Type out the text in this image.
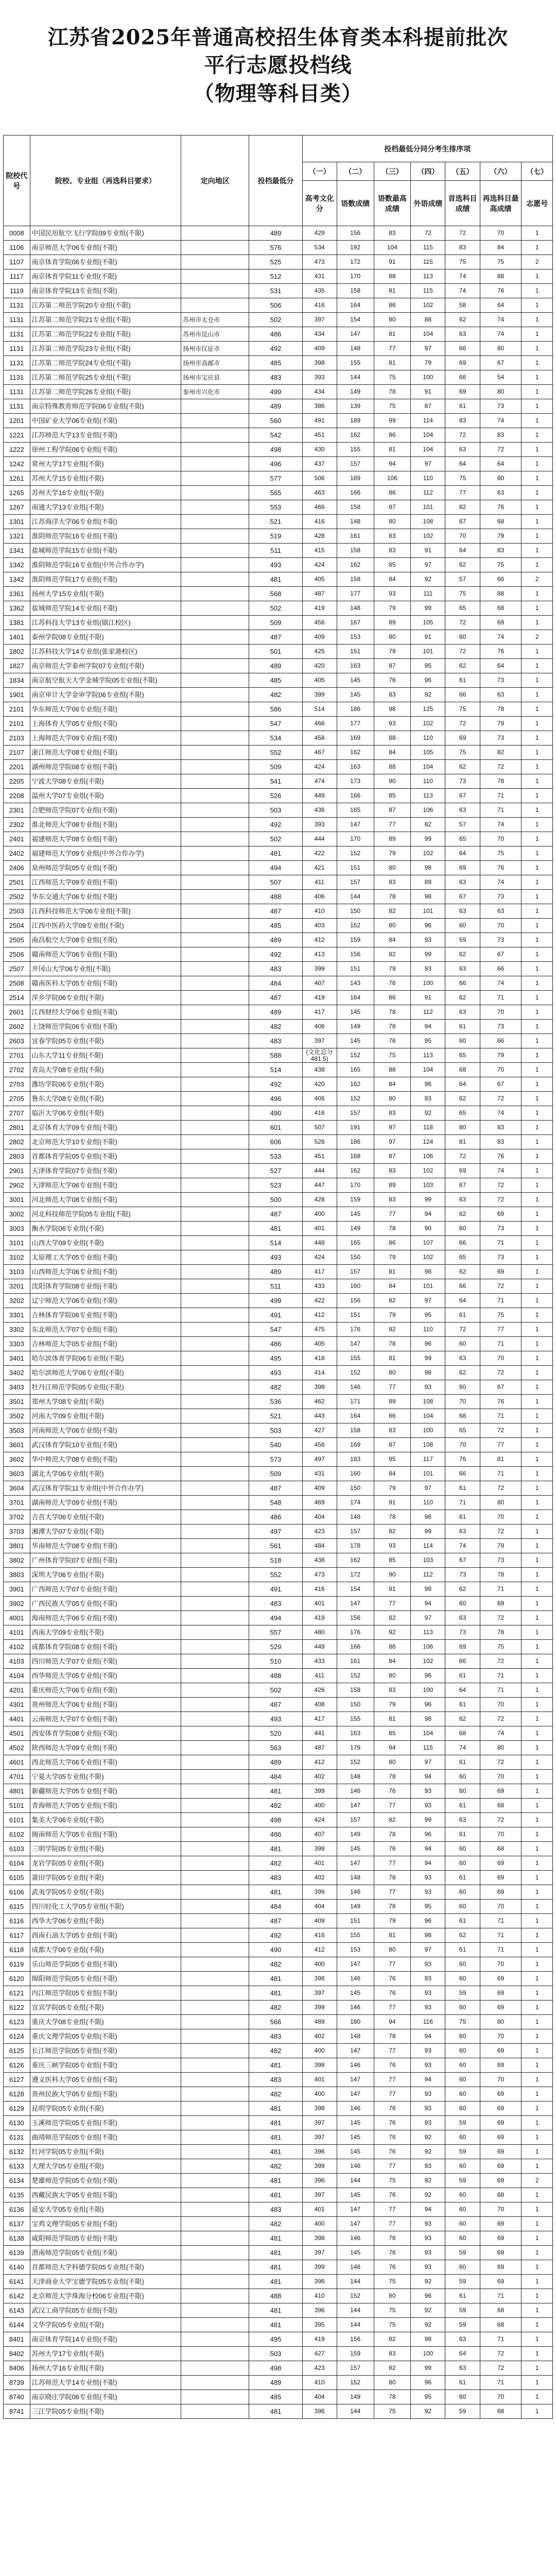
江苏省2025年普通高校招生体育类本科提前批次
平行志愿投档线
（物理等科目类）
院校代号	院校、专业组（再选科目要求）	定向地区	投档最低分	投档最低分同分考生排序项						
				（一）	（二）	（三）	（四）	（五）	（六）	（七）
				高考文化分	语数成绩	语数最高成绩	外语成绩	首选科目成绩	再选科目最高成绩	志愿号
0008	中国民用航空飞行学院09专业组(不限)		489	429	156	83	72	72	70	1
1106	南京师范大学06专业组(不限)		576	534	192	104	115	83	84	1
1107	南京体育学院06专业组(不限)		525	473	172	91	115	75	75	2
1117	南京体育学院11专业组(不限)		512	431	170	88	113	74	88	1
1119	南京体育学院13专业组(不限)		531	435	158	81	115	74	76	1
1131	江苏第二师范学院20专业组(不限)		506	416	164	86	102	58	64	1
1131	江苏第二师范学院21专业组(不限)	苏州市太仓市	502	397	154	80	88	62	74	1
1131	江苏第二师范学院22专业组(不限)	苏州市昆山市	486	434	147	81	104	63	74	1
1131	江苏第二师范学院23专业组(不限)	扬州市仪征市	492	409	148	77	97	66	80	1
1131	江苏第二师范学院24专业组(不限)	扬州市高邮市	485	398	155	81	79	69	67	1
1131	江苏第二师范学院25专业组(不限)	扬州市宝应县	483	393	144	75	100	66	54	1
1131	江苏第二师范学院26专业组(不限)	泰州市兴化市	499	434	149	78	91	69	80	1
1131	南京特殊教育师范学院06专业组(不限)		489	386	139	75	87	61	73	1
1201	中国矿业大学06专业组(不限)		560	491	189	99	114	83	74	1
1221	江苏师范大学13专业组(不限)		542	451	162	86	104	72	83	1
1222	徐州工程学院06专业组(不限)		498	430	155	81	104	63	72	1
1242	常州大学17专业组(不限)		496	437	157	94	97	64	64	1
1261	苏州大学15专业组(不限)		577	506	189	106	110	75	80	1
1265	苏州大学16专业组(不限)		565	463	166	86	112	77	63	1
1267	南通大学13专业组(不限)		553	466	158	87	101	82	76	1
1301	江苏海洋大学06专业组(不限)		521	416	148	80	108	67	68	1
1321	淮阴师范学院16专业组(不限)		519	428	161	83	102	70	79	1
1341	盐城师范学院15专业组(不限)		511	415	158	83	91	64	83	1
1342	淮阴师范学院16专业组(中外合作办学)		493	424	162	85	97	62	75	1
1342	淮阴师范学院17专业组(不限)		481	405	158	84	92	57	66	2
1361	扬州大学15专业组(不限)		568	487	177	93	111	75	88	1
1362	盐城师范学院14专业组(不限)		502	419	148	79	99	65	68	1
1381	江苏科技大学13专业组(镇江校区)		509	456	167	89	105	72	69	1
1401	泰州学院08专业组(不限)		487	409	153	80	91	60	74	2
1802	江苏科技大学14专业组(张家港校区)		501	425	151	79	101	72	76	1
1827	南京师范大学泰州学院07专业组(不限)		489	420	163	87	95	62	64	1
1834	南京航空航天大学金城学院05专业组(不限)		485	405	145	76	96	61	73	1
1901	南京审计大学金审学院06专业组(不限)		482	399	145	83	92	66	63	1
2101	华东师范大学06专业组(不限)		586	514	186	98	125	75	78	1
2101	上海体育大学05专业组(不限)		547	466	177	93	102	72	79	1
2103	上海师范大学09专业组(不限)		534	458	169	88	110	69	73	1
2107	浙江师范大学08专业组(不限)		552	467	162	84	105	75	82	1
2201	湖州师范学院08专业组(不限)		509	424	163	88	104	62	72	1
2205	宁波大学08专业组(不限)		541	474	173	90	110	73	78	1
2208	温州大学07专业组(不限)		526	449	166	85	113	67	71	1
2301	合肥师范学院07专业组(不限)		503	436	165	87	106	63	71	1
2302	淮北师范大学08专业组(不限)		492	393	147	77	82	57	74	1
2401	福建师范大学08专业组(不限)		502	444	170	89	99	65	70	1
2402	福建师范大学09专业组(中外合作办学)		481	422	152	79	102	64	75	1
2406	泉州师范学院05专业组(不限)		494	421	151	80	98	69	76	1
2501	江西师范大学09专业组(不限)		507	411	157	83	89	63	74	1
2502	华东交通大学06专业组(不限)		488	406	144	78	98	67	73	1
2503	江西科技师范大学06专业组(不限)		487	410	150	82	101	63	63	1
2504	江西中医药大学09专业组(不限)		485	403	152	80	96	60	70	1
2505	南昌航空大学08专业组(不限)		489	412	159	84	93	59	73	1
2506	赣南师范大学06专业组(不限)		492	413	156	82	99	62	67	1
2507	井冈山大学06专业组(不限)		483	399	151	79	93	63	66	1
2508	赣南医科大学05专业组(不限)		484	407	143	76	100	66	74	1
2514	萍乡学院06专业组(不限)		487	419	164	86	91	62	71	1
2601	江西财经大学06专业组(不限)		489	417	145	78	112	63	70	1
2602	上饶师范学院06专业组(不限)		482	406	149	78	94	61	73	1
2603	宜春学院05专业组(不限)		483	397	145	76	95	60	66	1
2701	山东大学11专业组(不限)		588	(文化总分481.5)	152	75	113	65	79	1
2702	青岛大学08专业组(不限)		514	438	165	88	104	68	70	1
2703	潍坊学院06专业组(不限)		492	420	162	84	96	64	67	1
2705	鲁东大学08专业组(不限)		496	406	152	80	93	62	72	1
2707	临沂大学06专业组(不限)		490	416	157	83	92	65	74	1
2801	北京体育大学09专业组(不限)		601	507	191	97	118	80	83	1
2802	北京师范大学10专业组(不限)		606	526	186	97	124	81	83	1
2803	首都体育学院05专业组(不限)		533	451	168	87	106	72	76	1
2901	天津体育学院07专业组(不限)		527	444	162	83	102	69	74	1
2902	天津师范大学06专业组(不限)		523	447	170	89	103	67	72	1
3001	河北师范大学08专业组(不限)		500	428	159	83	99	63	72	1
3002	河北科技师范学院05专业组(不限)		487	400	145	77	94	62	69	1
3003	衡水学院06专业组(不限)		481	401	149	78	90	60	73	1
3101	山西大学09专业组(不限)		514	448	165	86	107	66	71	1
3102	太原理工大学05专业组(不限)		493	424	150	79	102	65	73	1
3103	山西师范大学06专业组(不限)		489	417	157	81	98	62	69	1
3201	沈阳体育学院08专业组(不限)		511	433	160	84	101	66	72	1
3202	辽宁师范大学06专业组(不限)		499	422	156	82	97	64	71	1
3301	吉林体育学院06专业组(不限)		491	412	151	79	95	61	75	1
3302	东北师范大学07专业组(不限)		547	475	176	92	110	72	77	1
3303	吉林师范大学05专业组(不限)		486	405	147	78	96	60	71	1
3401	哈尔滨体育学院06专业组(不限)		495	418	155	81	99	63	70	1
3402	哈尔滨师范大学06专业组(不限)		493	414	152	80	98	62	72	1
3403	牡丹江师范学院05专业组(不限)		482	398	146	77	93	60	67	1
3501	郑州大学08专业组(不限)		536	462	171	89	108	70	76	1
3502	河南大学09专业组(不限)		521	443	164	86	104	68	71	1
3503	河南师范大学06专业组(不限)		503	427	158	83	100	65	72	1
3601	武汉体育学院10专业组(不限)		540	456	169	87	108	70	77	1
3602	华中师范大学08专业组(不限)		573	497	183	95	117	76	81	1
3603	湖北大学06专业组(不限)		509	431	160	84	101	66	71	1
3604	武汉体育学院11专业组(中外合作办学)		487	409	150	79	97	61	72	1
3701	湖南师范大学09专业组(不限)		548	469	174	91	110	71	80	1
3702	吉首大学06专业组(不限)		486	404	148	78	96	61	70	1
3703	湘潭大学07专业组(不限)		497	423	157	82	99	63	72	1
3801	华南师范大学08专业组(不限)		561	484	178	93	114	74	79	1
3802	广州体育学院07专业组(不限)		518	438	162	85	103	67	73	1
3803	深圳大学06专业组(不限)		552	473	172	90	112	73	78	1
3901	广西师范大学07专业组(不限)		491	416	154	81	98	62	71	1
3902	广西民族大学05专业组(不限)		483	401	147	77	94	60	69	1
4001	海南师范大学06专业组(不限)		494	419	156	82	97	63	72	1
4101	西南大学09专业组(不限)		557	480	176	92	113	73	78	1
4102	成都体育学院08专业组(不限)		529	449	166	86	106	69	75	1
4103	四川师范大学07专业组(不限)		510	433	161	84	102	66	72	1
4104	西华师范大学05专业组(不限)		488	411	152	80	96	61	71	1
4201	重庆师范大学06专业组(不限)		502	426	158	83	100	64	71	1
4301	贵州师范大学06专业组(不限)		487	408	150	79	96	61	70	1
4401	云南师范大学07专业组(不限)		493	417	155	81	98	62	72	1
4501	西安体育学院08专业组(不限)		520	441	163	85	104	68	74	1
4502	陕西师范大学09专业组(不限)		563	487	179	94	115	74	80	1
4601	西北师范大学06专业组(不限)		489	412	152	80	97	61	72	1
4701	宁夏大学05专业组(不限)		484	402	148	78	94	60	70	1
4801	新疆师范大学05专业组(不限)		481	399	146	76	93	60	69	1
5101	青海师范大学05专业组(不限)		482	400	147	77	93	61	68	1
6101	集美大学06专业组(不限)		498	424	157	82	99	63	72	1
6102	闽南师范大学05专业组(不限)		486	407	149	78	96	61	70	1
6103	三明学院05专业组(不限)		481	398	145	76	94	60	68	1
6104	龙岩学院05专业组(不限)		482	401	147	77	94	60	69	1
6105	莆田学院05专业组(不限)		483	402	148	78	93	61	69	1
6106	武夷学院05专业组(不限)		481	399	146	77	93	60	69	1
6115	四川轻化工大学05专业组(不限)		484	404	149	78	95	60	70	1
6116	西华大学06专业组(不限)		487	409	151	79	96	61	71	1
6117	西南石油大学05专业组(不限)		492	416	155	81	98	62	71	1
6118	成都大学06专业组(不限)		490	412	153	80	97	61	71	1
6119	乐山师范学院05专业组(不限)		482	400	147	77	93	60	70	1
6120	绵阳师范学院05专业组(不限)		481	398	146	76	93	60	69	1
6121	内江师范学院05专业组(不限)		481	397	145	76	93	59	69	1
6122	宜宾学院05专业组(不限)		482	399	146	77	93	60	69	1
6123	重庆大学08专业组(不限)		566	489	180	94	116	75	80	1
6124	重庆文理学院05专业组(不限)		483	402	148	78	94	60	70	1
6125	长江师范学院05专业组(不限)		482	400	147	77	93	60	69	1
6126	重庆三峡学院05专业组(不限)		481	398	146	76	93	60	69	1
6127	遵义医科大学05专业组(不限)		483	401	147	77	94	60	70	1
6128	贵州民族大学05专业组(不限)		482	400	147	77	93	60	69	1
6129	昆明学院05专业组(不限)		481	398	146	76	93	60	69	1
6130	玉溪师范学院05专业组(不限)		481	397	145	76	93	59	69	1
6131	曲靖师范学院05专业组(不限)		481	397	145	76	92	60	69	1
6132	红河学院05专业组(不限)		481	396	145	76	92	59	69	1
6133	大理大学05专业组(不限)		482	399	146	77	93	60	69	1
6134	楚雄师范学院05专业组(不限)		481	396	144	75	92	59	69	2
6135	西藏民族大学05专业组(不限)		481	397	145	76	92	60	68	1
6136	延安大学05专业组(不限)		483	401	147	77	94	60	70	1
6137	宝鸡文理学院05专业组(不限)		482	400	147	77	93	60	69	1
6138	咸阳师范学院05专业组(不限)		481	398	146	76	93	60	69	1
6139	渭南师范学院05专业组(不限)		481	397	145	76	93	59	69	1
6140	首都师范大学科德学院05专业组(不限)		481	399	146	76	93	60	69	1
6141	天津商业大学宝德学院05专业组(不限)		481	396	144	75	92	59	69	1
6142	北京师范大学珠海分校06专业组(不限)		488	410	152	80	96	61	71	1
6143	武汉工商学院05专业组(不限)		481	396	144	75	92	59	68	1
6144	文华学院05专业组(不限)		481	395	144	75	92	59	68	1
8401	南京体育学院14专业组(不限)		495	419	156	82	98	63	71	1
8402	苏州大学17专业组(不限)		503	427	159	83	100	64	72	1
8406	扬州大学16专业组(不限)		498	423	157	82	99	63	72	1
8739	江苏师范大学14专业组(不限)		489	410	152	80	96	61	71	1
8740	南京晓庄学院06专业组(不限)		485	404	149	78	95	60	70	1
8741	三江学院05专业组(不限)		481	396	144	75	92	59	68	1
